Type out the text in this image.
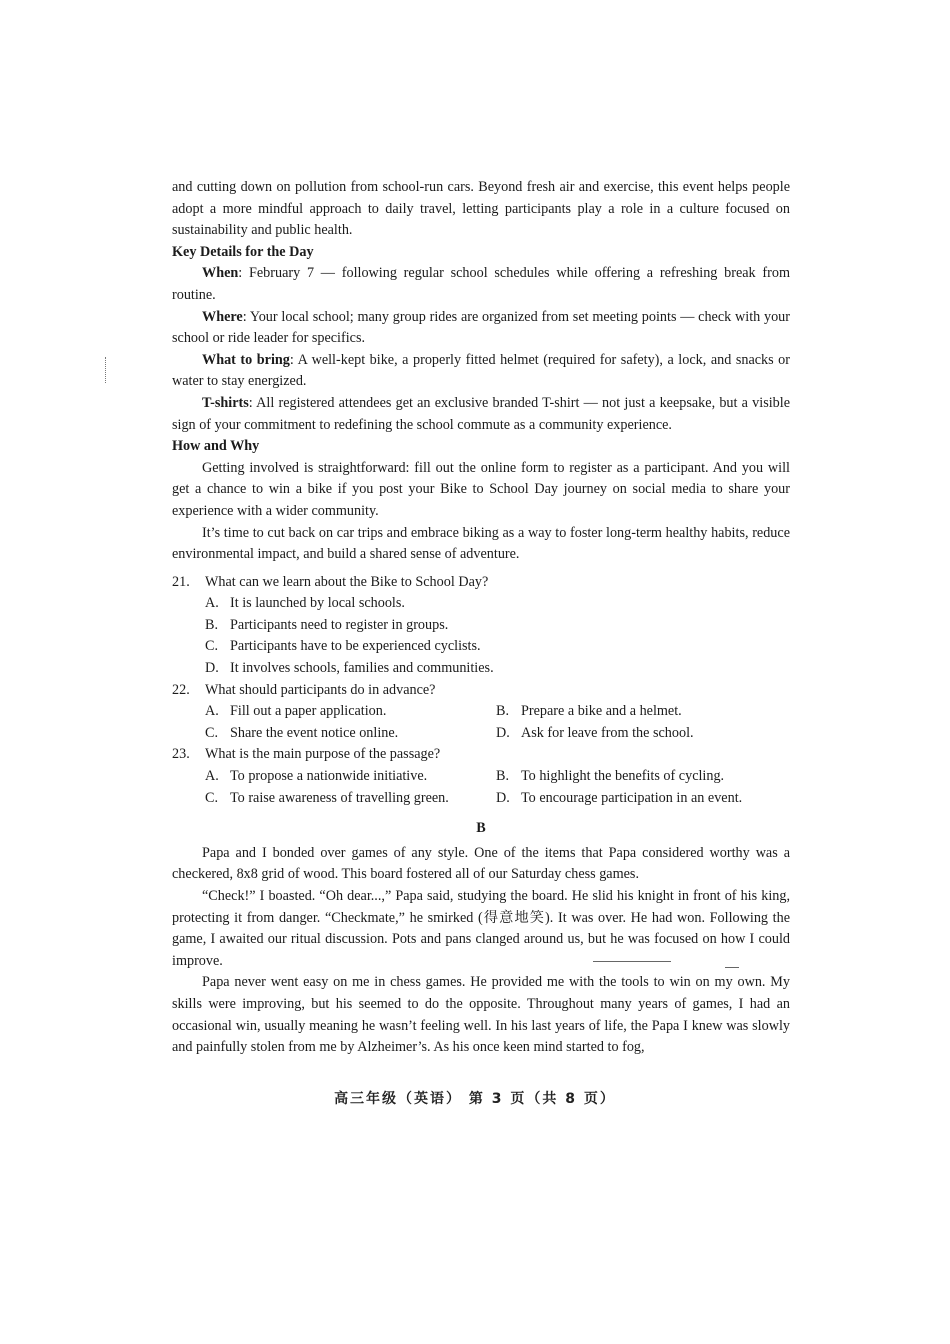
and cutting down on pollution from school-run cars. Beyond fresh air and exercise, this event helps people adopt a more mindful approach to daily travel, letting participants play a role in a culture focused on sustainability and public health.

Key Details for the Day

When: February 7 — following regular school schedules while offering a refreshing break from routine.

Where: Your local school; many group rides are organized from set meeting points — check with your school or ride leader for specifics.

What to bring: A well-kept bike, a properly fitted helmet (required for safety), a lock, and snacks or water to stay energized.

T-shirts: All registered attendees get an exclusive branded T-shirt — not just a keepsake, but a visible sign of your commitment to redefining the school commute as a community experience.

How and Why

Getting involved is straightforward: fill out the online form to register as a participant. And you will get a chance to win a bike if you post your Bike to School Day journey on social media to share your experience with a wider community.

It’s time to cut back on car trips and embrace biking as a way to foster long-term healthy habits, reduce environmental impact, and build a shared sense of adventure.

21. What can we learn about the Bike to School Day?
A. It is launched by local schools.
B. Participants need to register in groups.
C. Participants have to be experienced cyclists.
D. It involves schools, families and communities.
22. What should participants do in advance?
A. Fill out a paper application.	B. Prepare a bike and a helmet.
C. Share the event notice online.	D. Ask for leave from the school.
23. What is the main purpose of the passage?
A. To propose a nationwide initiative.	B. To highlight the benefits of cycling.
C. To raise awareness of travelling green.	D. To encourage participation in an event.
B

Papa and I bonded over games of any style. One of the items that Papa considered worthy was a checkered, 8x8 grid of wood. This board fostered all of our Saturday chess games.

“Check!” I boasted. “Oh dear...,” Papa said, studying the board. He slid his knight in front of his king, protecting it from danger. “Checkmate,” he smirked (得意地笑). It was over. He had won. Following the game, I awaited our ritual discussion. Pots and pans clanged around us, but he was focused on how I could improve.

Papa never went easy on me in chess games. He provided me with the tools to win on my own. My skills were improving, but his seemed to do the opposite. Throughout many years of games, I had an occasional win, usually meaning he wasn’t feeling well. In his last years of life, the Papa I knew was slowly and painfully stolen from me by Alzheimer’s. As his once keen mind started to fog,

高三年级（英语） 第 3 页（共 8 页）
